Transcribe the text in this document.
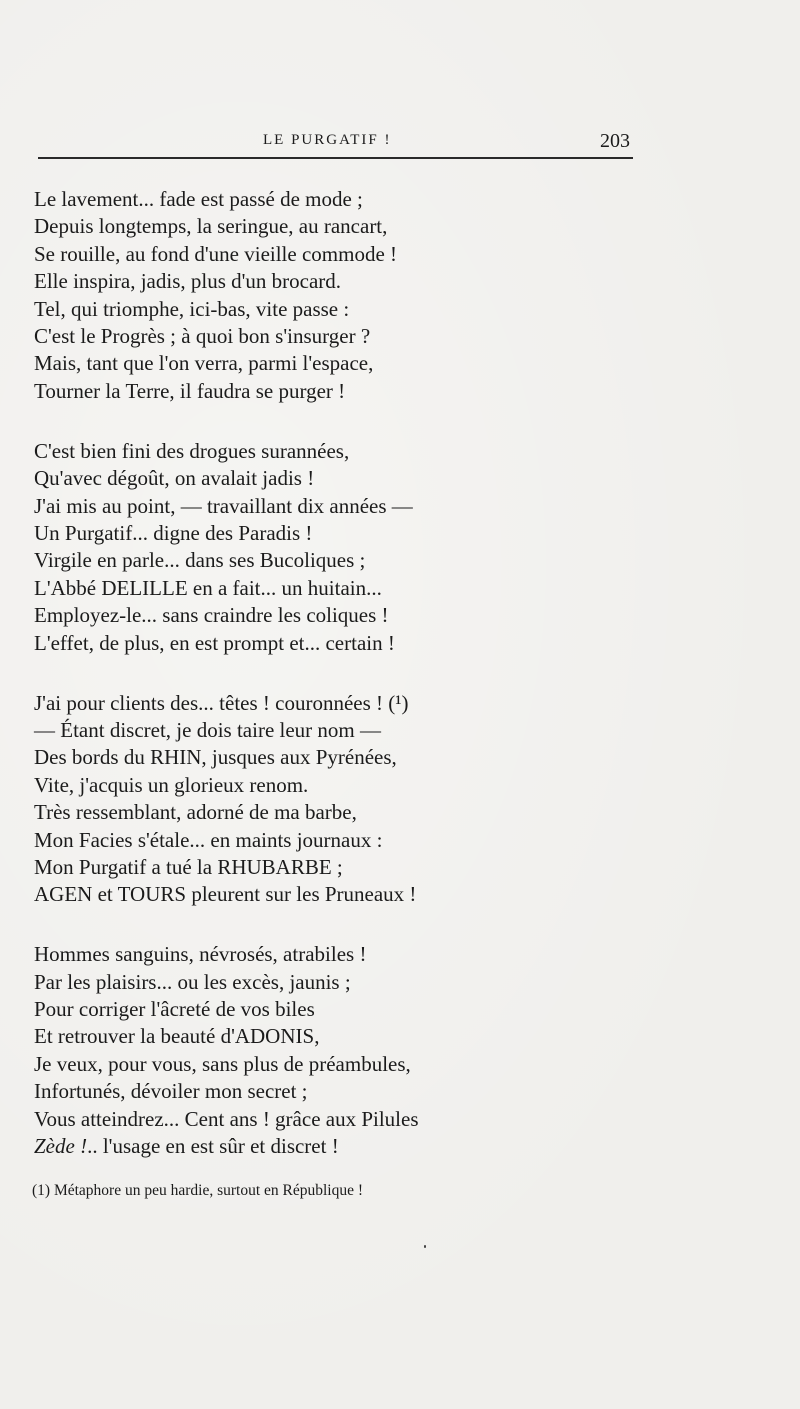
LE PURGATIF !	203
Le lavement... fade est passé de mode ;
Depuis longtemps, la seringue, au rancart,
Se rouille, au fond d'une vieille commode !
Elle inspira, jadis, plus d'un brocard.
Tel, qui triomphe, ici-bas, vite passe :
C'est le Progrès ; à quoi bon s'insurger ?
Mais, tant que l'on verra, parmi l'espace,
Tourner la Terre, il faudra se purger !
C'est bien fini des drogues surannées,
Qu'avec dégoût, on avalait jadis !
J'ai mis au point, — travaillant dix années —
Un Purgatif... digne des Paradis !
Virgile en parle... dans ses Bucoliques ;
L'Abbé DELILLE en a fait... un huitain...
Employez-le... sans craindre les coliques !
L'effet, de plus, en est prompt et... certain !
J'ai pour clients des... têtes ! couronnées ! (¹)
— Étant discret, je dois taire leur nom —
Des bords du RHIN, jusques aux Pyrénées,
Vite, j'acquis un glorieux renom.
Très ressemblant, adorné de ma barbe,
Mon Facies s'étale... en maints journaux :
Mon Purgatif a tué la RHUBARBE ;
AGEN et TOURS pleurent sur les Pruneaux !
Hommes sanguins, névrosés, atrabiles !
Par les plaisirs... ou les excès, jaunis ;
Pour corriger l'âcreté de vos biles
Et retrouver la beauté d'ADONIS,
Je veux, pour vous, sans plus de préambules,
Infortunés, dévoiler mon secret ;
Vous atteindrez... Cent ans ! grâce aux Pilules
Zède !.. l'usage en est sûr et discret !
(1) Métaphore un peu hardie, surtout en République !
